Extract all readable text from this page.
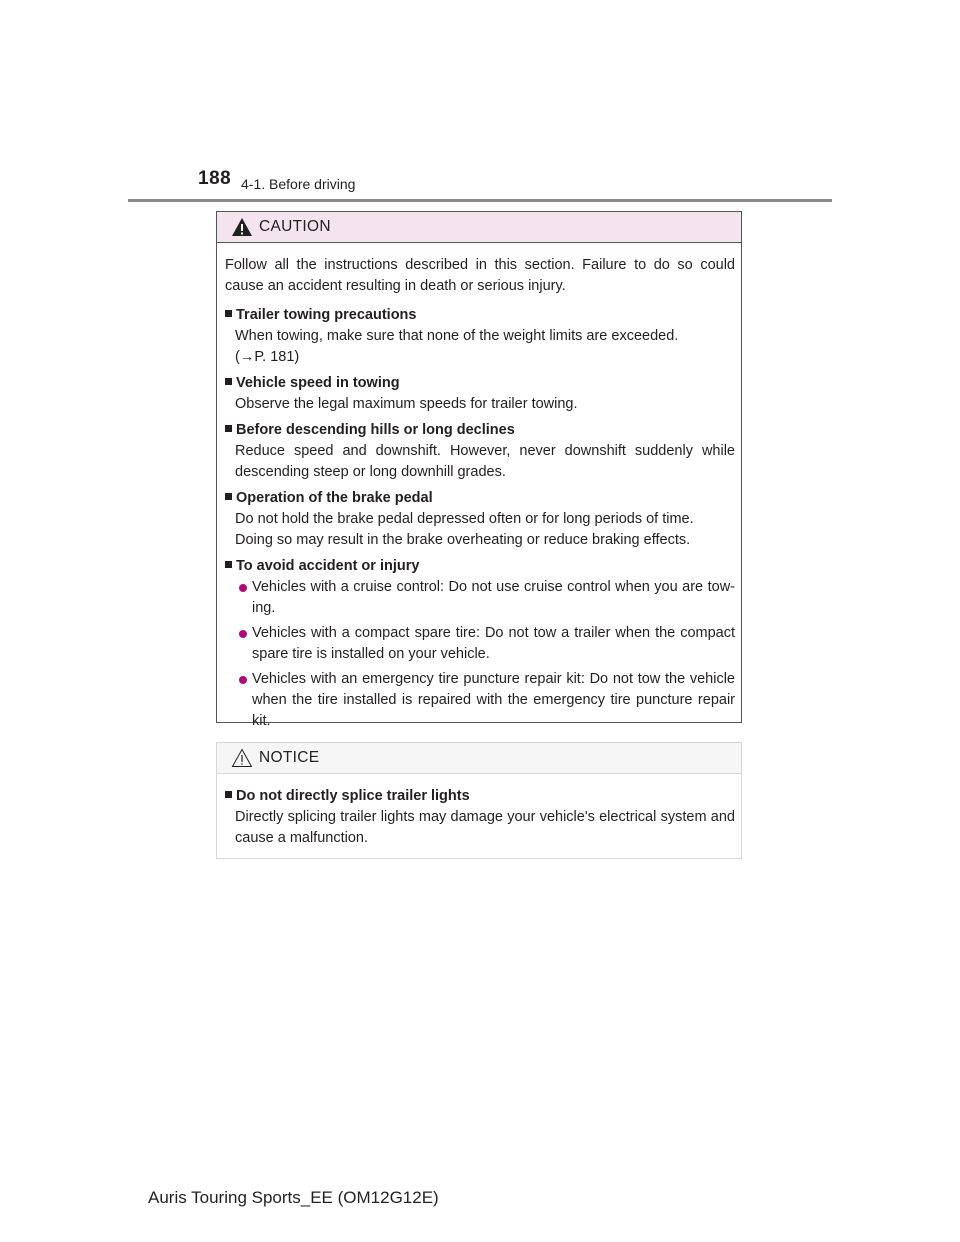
188 4-1. Before driving
CAUTION

Follow all the instructions described in this section. Failure to do so could cause an accident resulting in death or serious injury.

Trailer towing precautions
When towing, make sure that none of the weight limits are exceeded.
(→P. 181)
Vehicle speed in towing
Observe the legal maximum speeds for trailer towing.
Before descending hills or long declines
Reduce speed and downshift. However, never downshift suddenly while descending steep or long downhill grades.
Operation of the brake pedal
Do not hold the brake pedal depressed often or for long periods of time.
Doing so may result in the brake overheating or reduce braking effects.
To avoid accident or injury
Vehicles with a cruise control: Do not use cruise control when you are tow-ing.
Vehicles with a compact spare tire: Do not tow a trailer when the compact spare tire is installed on your vehicle.
Vehicles with an emergency tire puncture repair kit: Do not tow the vehicle when the tire installed is repaired with the emergency tire puncture repair kit.
NOTICE
Do not directly splice trailer lights
Directly splicing trailer lights may damage your vehicle's electrical system and cause a malfunction.
Auris Touring Sports_EE (OM12G12E)
